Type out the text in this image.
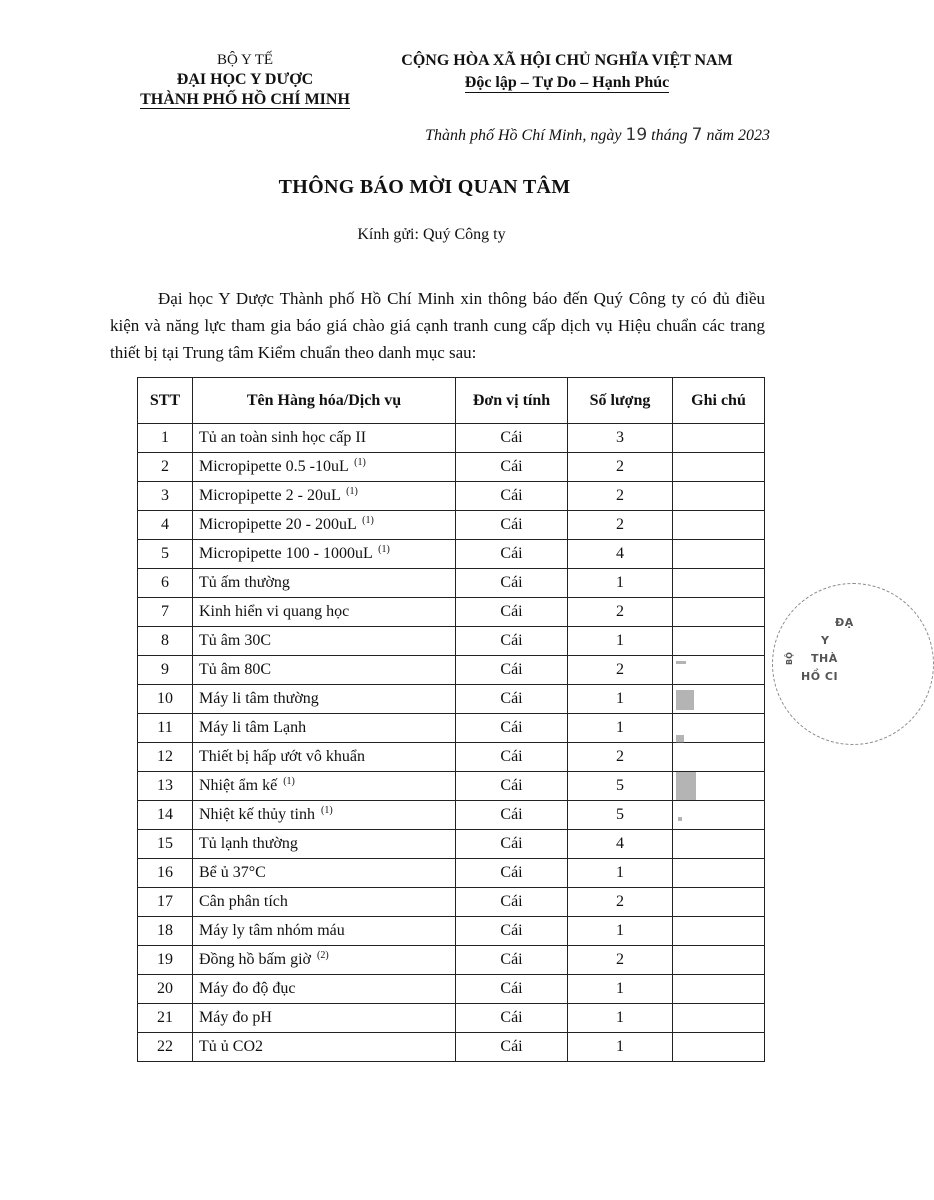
BỘ Y TẾ
ĐẠI HỌC Y DƯỢC
THÀNH PHỐ HỒ CHÍ MINH
CỘNG HÒA XÃ HỘI CHỦ NGHĨA VIỆT NAM
Độc lập – Tự Do – Hạnh Phúc
Thành phố Hồ Chí Minh, ngày 19 tháng 7 năm 2023
THÔNG BÁO MỜI QUAN TÂM
Kính gửi: Quý Công ty
Đại học Y Dược Thành phố Hồ Chí Minh xin thông báo đến Quý Công ty có đủ điều kiện và năng lực tham gia báo giá chào giá cạnh tranh cung cấp dịch vụ Hiệu chuẩn các trang thiết bị tại Trung tâm Kiểm chuẩn theo danh mục sau:
STT	Tên Hàng hóa/Dịch vụ	Đơn vị tính	Số lượng	Ghi chú
1	Tủ an toàn sinh học cấp II	Cái	3	
2	Micropipette 0.5 -10uL $^{(1)}$	Cái	2	
3	Micropipette 2 - 20uL $^{(1)}$	Cái	2	
4	Micropipette 20 - 200uL $^{(1)}$	Cái	2	
5	Micropipette 100 - 1000uL $^{(1)}$	Cái	4	
6	Tủ ấm thường	Cái	1	
7	Kinh hiển vi quang học	Cái	2	
8	Tủ âm 30C	Cái	1	
9	Tủ âm 80C	Cái	2	
10	Máy li tâm thường	Cái	1	
11	Máy li tâm Lạnh	Cái	1	
12	Thiết bị hấp ướt vô khuẩn	Cái	2	
13	Nhiệt ẩm kế $^{(1)}$	Cái	5	
14	Nhiệt kế thủy tinh $^{(1)}$	Cái	5	
15	Tủ lạnh thường	Cái	4	
16	Bể ủ 37°C	Cái	1	
17	Cân phân tích	Cái	2	
18	Máy ly tâm nhóm máu	Cái	1	
19	Đồng hồ bấm giờ $^{(2)}$	Cái	2	
20	Máy đo độ đục	Cái	1	
21	Máy đo pH	Cái	1	
22	Tủ ủ CO2	Cái	1	
ĐẠ
Y
THÀ
HỒ CI
BỘ
